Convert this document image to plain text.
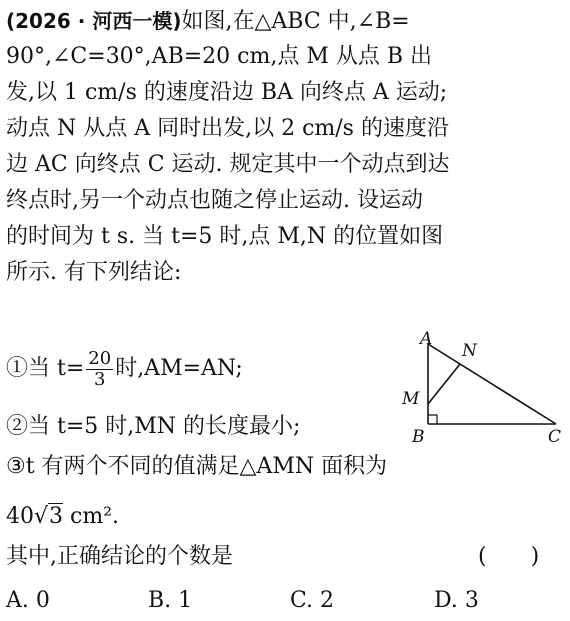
(2026 · 河西一模)如图,在△ABC 中,∠B=
90°,∠C=30°,AB=20 cm,点 M 从点 B 出
发,以 1 cm/s 的速度沿边 BA 向终点 A 运动;
动点 N 从点 A 同时出发,以 2 cm/s 的速度沿
边 AC 向终点 C 运动. 规定其中一个动点到达
终点时,另一个动点也随之停止运动. 设运动
的时间为 t s. 当 t=5 时,点 M,N 的位置如图
所示. 有下列结论:
①当 $t= \frac{20}{3}$ 时,AM=AN;
②当 t=5 时,MN 的长度最小;
③t 有两个不同的值满足△AMN 面积为
40√3 cm².
其中,正确结论的个数是	(　　)
A. 0	B. 1	C. 2	D. 3
A
B	C
M
N
